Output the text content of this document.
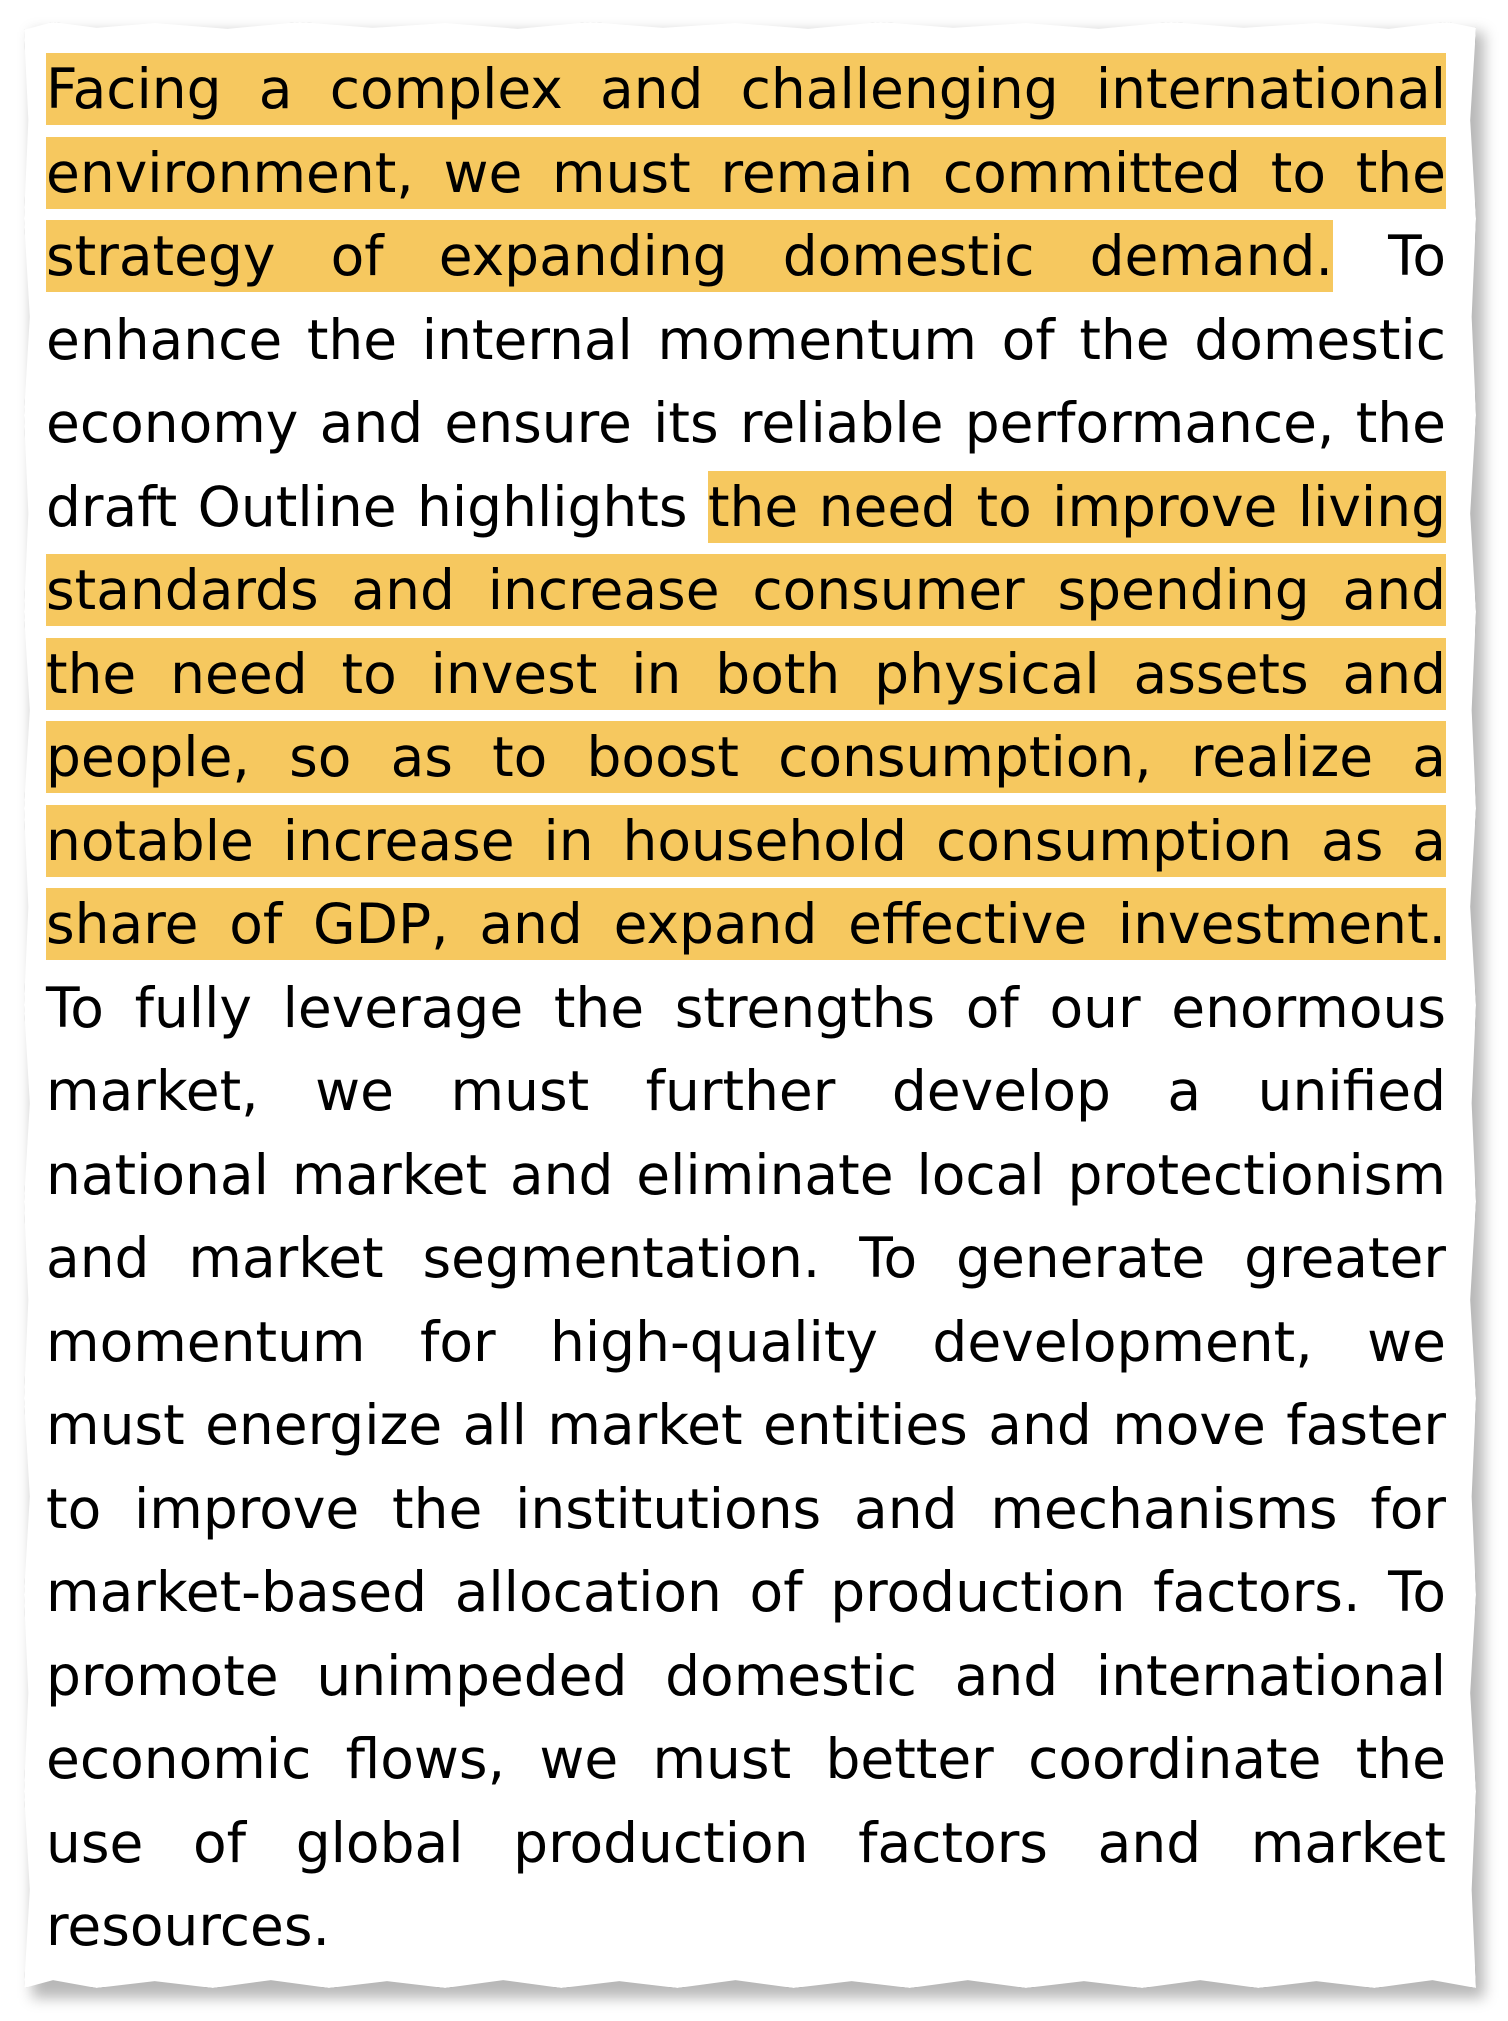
Facing a complex and challenging international environment, we must remain committed to the strategy of expanding domestic demand. To enhance the internal momentum of the domestic economy and ensure its reliable performance, the draft Outline highlights the need to improve living standards and increase consumer spending and the need to invest in both physical assets and people, so as to boost consumption, realize a notable increase in household consumption as a share of GDP, and expand effective investment. To fully leverage the strengths of our enormous market, we must further develop a unified national market and eliminate local protectionism and market segmentation. To generate greater momentum for high-quality development, we must energize all market entities and move faster to improve the institutions and mechanisms for market-based allocation of production factors. To promote unimpeded domestic and international economic flows, we must better coordinate the use of global production factors and market resources.
